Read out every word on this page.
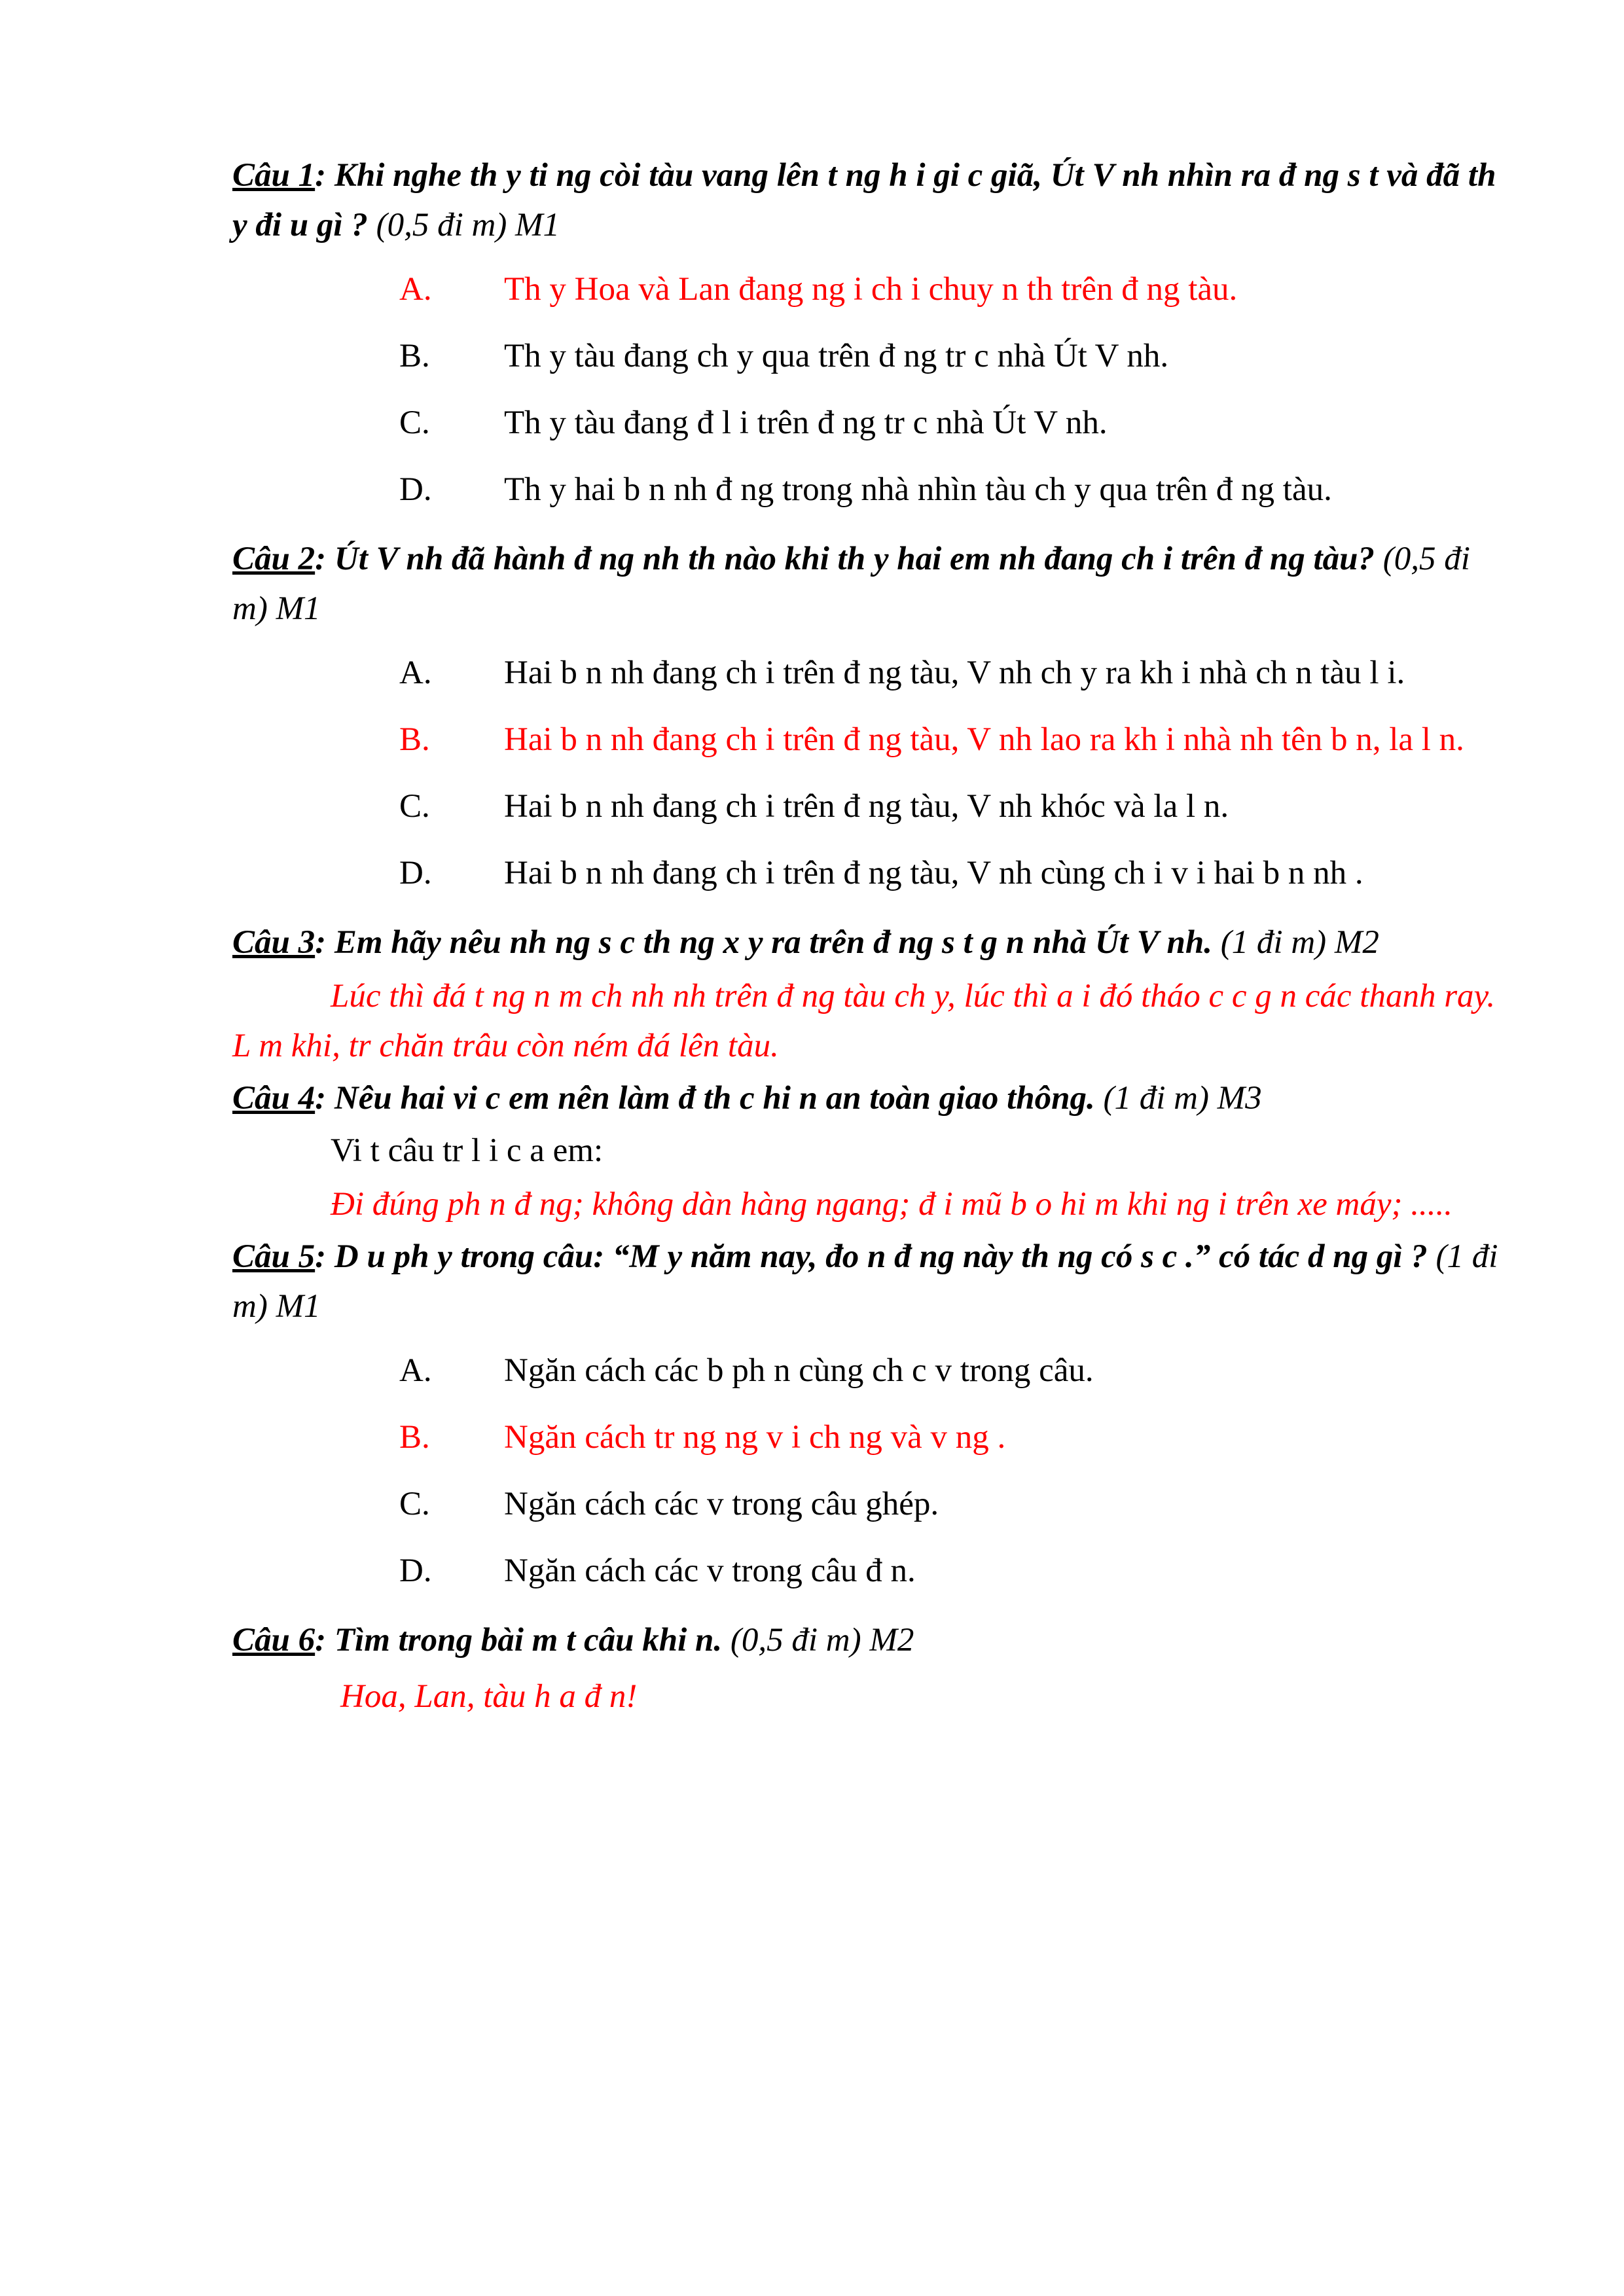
Câu 1: Khi nghe th y ti ng còi tàu vang lên t ng h i gi c giã, Út V nh nhìn ra đ ng s t và đã th y đi u gì ? (0,5 đi m) M1

A.	Th y Hoa và Lan đang ng i ch i chuy n th trên đ ng tàu.
B.	Th y tàu đang ch y qua trên đ ng tr c nhà Út V nh.
C.	Th y tàu đang đ l i trên đ ng tr c nhà Út V nh.
D.	Th y hai b n nh đ ng trong nhà nhìn tàu ch y qua trên đ ng tàu.

Câu 2: Út V nh đã hành đ ng nh th nào khi th y hai em nh đang ch i trên đ ng tàu? (0,5 đi m) M1

A.	Hai b n nh đang ch i trên đ ng tàu, V nh ch y ra kh i nhà ch n tàu l i.
B.	Hai b n nh đang ch i trên đ ng tàu, V nh lao ra kh i nhà nh tên b n, la l n.
C.	Hai b n nh đang ch i trên đ ng tàu, V nh khóc và la l n.
D.	Hai b n nh đang ch i trên đ ng tàu, V nh cùng ch i v i hai b n nh .

Câu 3: Em hãy nêu nh ng s c th ng x y ra trên đ ng s t g n nhà Út V nh. (1 đi m) M2

Lúc thì đá t ng n m ch nh nh trên đ ng tàu ch y, lúc thì a i đó tháo c c g n các thanh ray. L m khi, tr chăn trâu còn ném đá lên tàu.

Câu 4: Nêu hai vi c em nên làm đ th c hi n an toàn giao thông. (1 đi m) M3

Vi t câu tr l i c a em:

Đi đúng ph n đ ng; không dàn hàng ngang; đ i mũ b o hi m khi ng i trên xe máy; .....

Câu 5: D u ph y trong câu: “M y năm nay, đo n đ ng này th ng có s c .” có tác d ng gì ? (1 đi m) M1

A.	Ngăn cách các b ph n cùng ch c v trong câu.
B.	Ngăn cách tr ng ng v i ch ng và v ng .
C.	Ngăn cách các v trong câu ghép.
D.	Ngăn cách các v trong câu đ n.

Câu 6: Tìm trong bài m t câu khi n. (0,5 đi m) M2

Hoa, Lan, tàu h a đ n!
